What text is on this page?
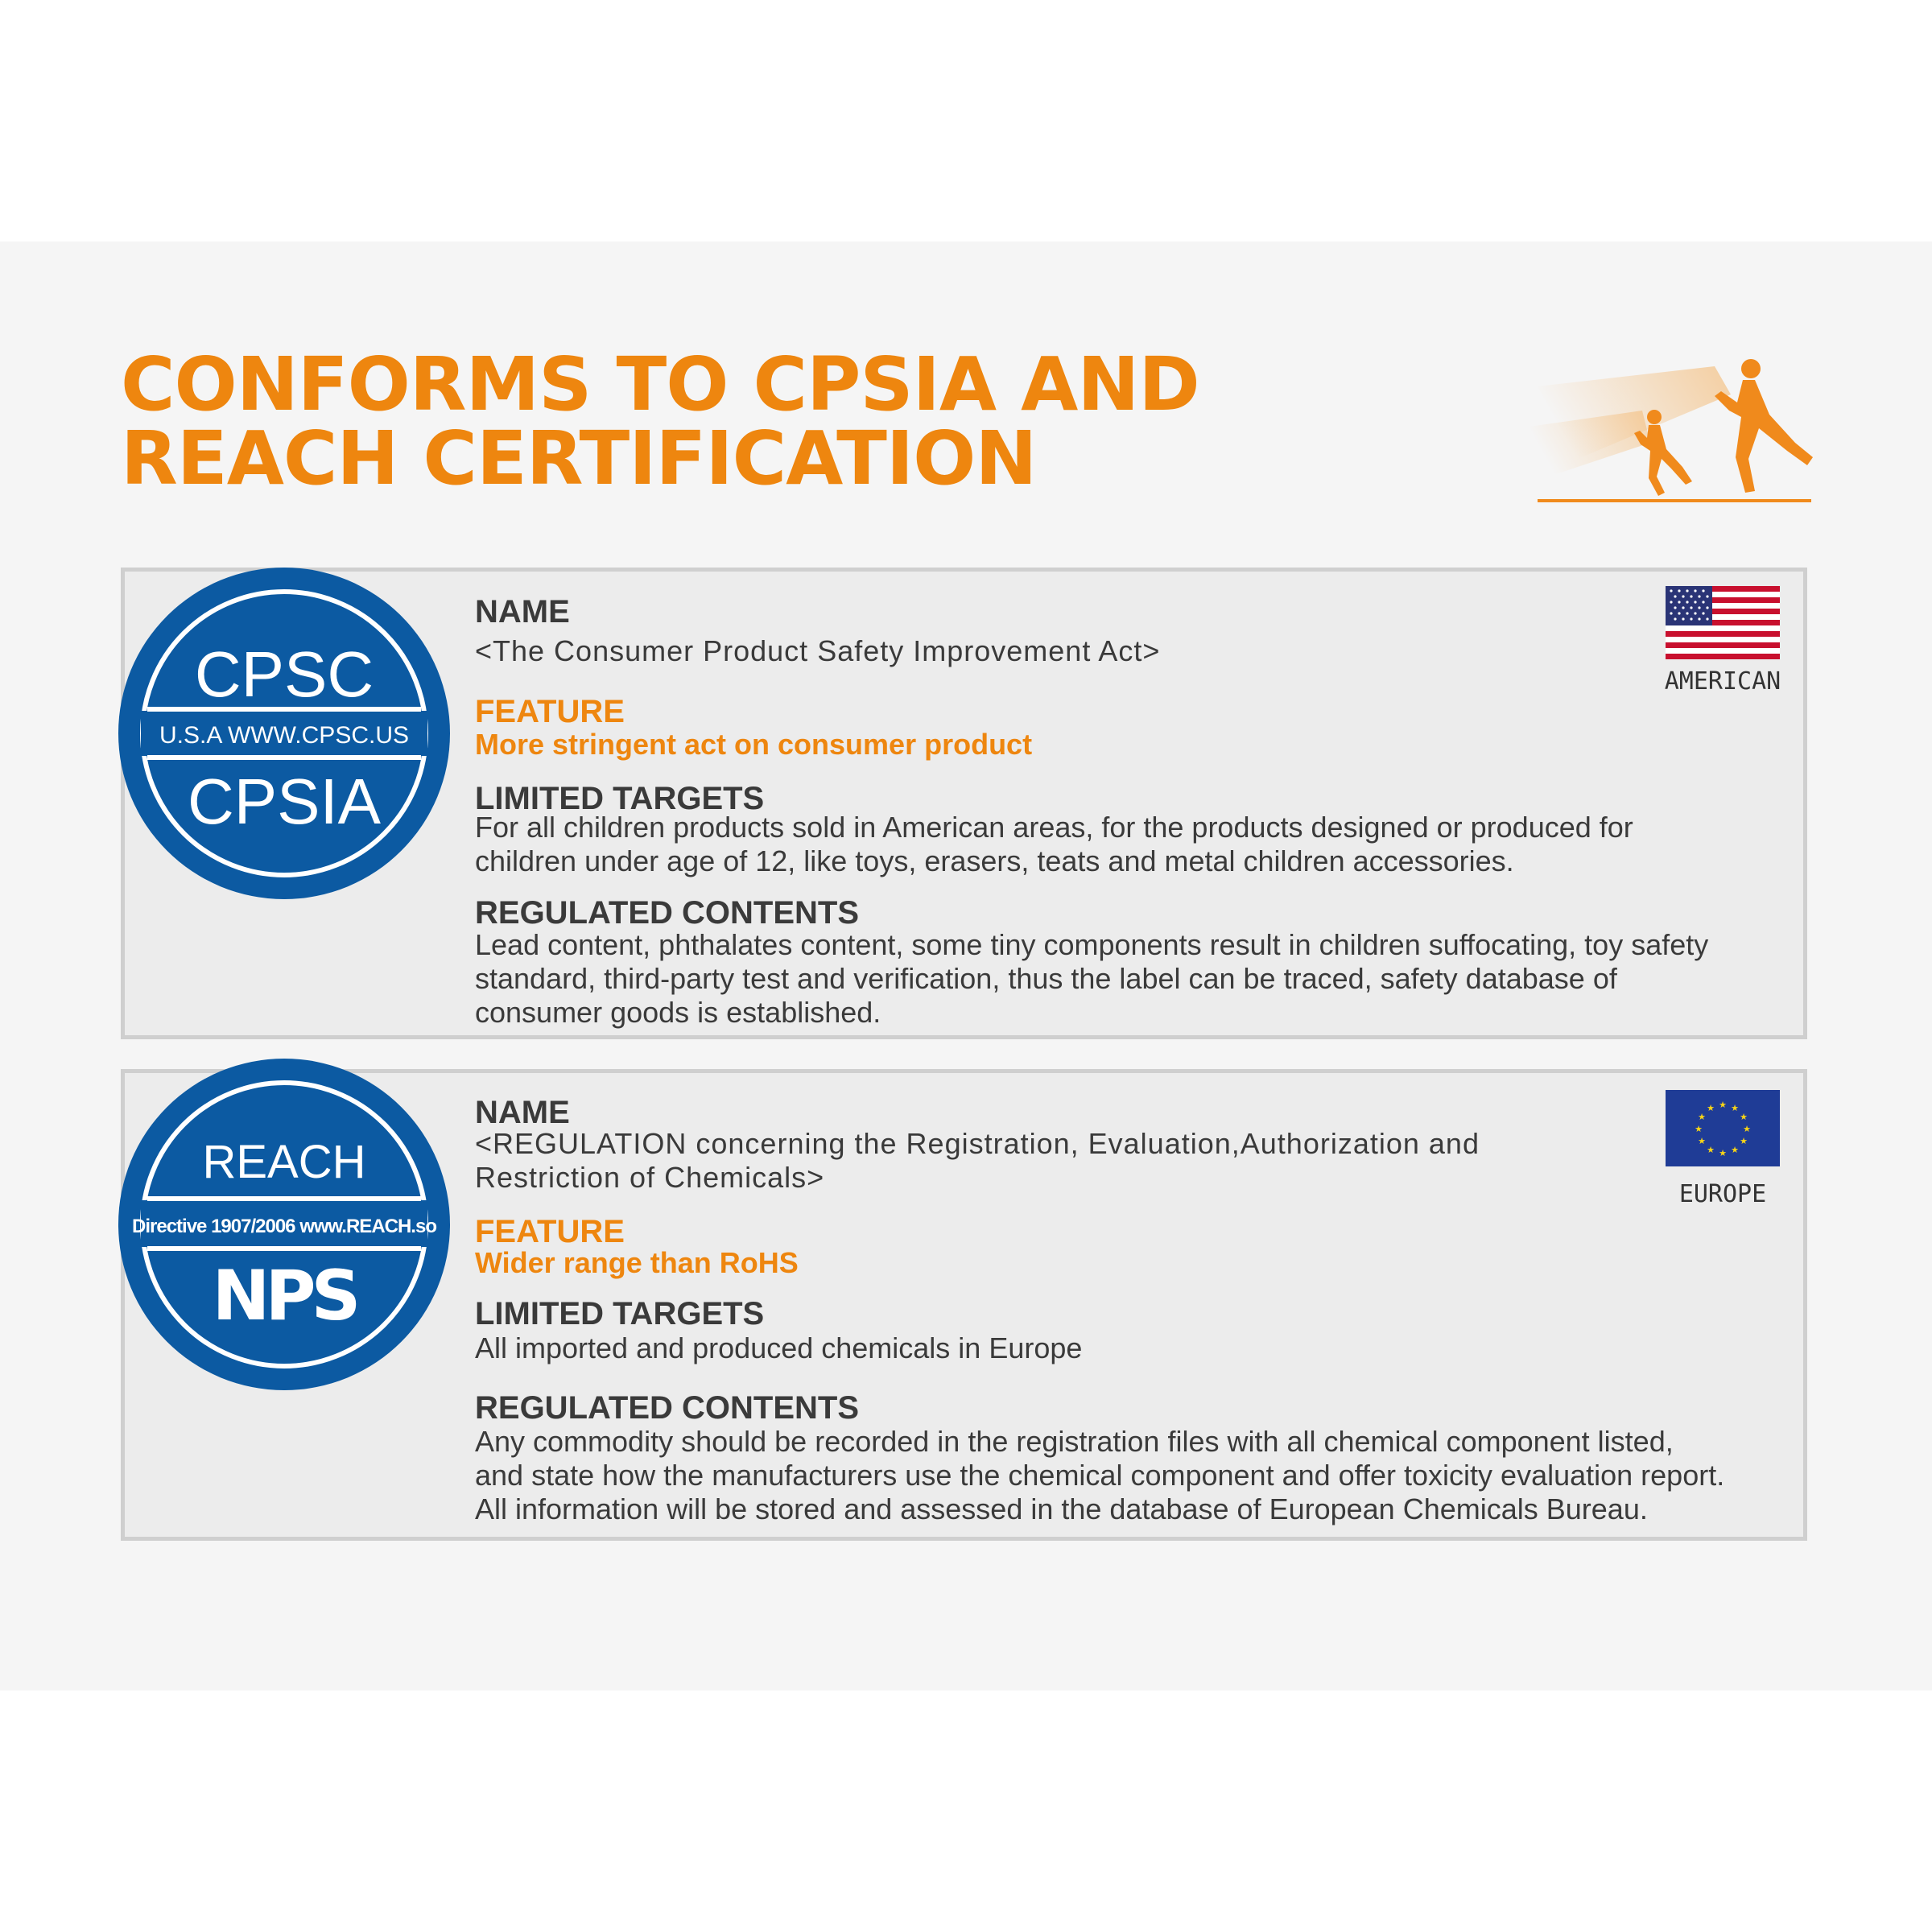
CONFORMS TO CPSIA AND
REACH CERTIFICATION
CPSC
U.S.A WWW.CPSC.US
CPSIA
NAME
<The Consumer Product Safety Improvement Act>
FEATURE
More stringent act on consumer product
LIMITED TARGETS
For all children products sold in American areas, for the products designed or produced for
children under age of 12, like toys, erasers, teats and metal children accessories.
REGULATED CONTENTS
Lead content, phthalates content, some tiny components result in children suffocating, toy safety
standard, third-party test and verification, thus the label can be traced, safety database of
consumer goods is established.
AMERICAN
REACH
Directive 1907/2006 www.REACH.so
NPS
NAME
<REGULATION concerning the Registration, Evaluation,Authorization and
Restriction of Chemicals>
FEATURE
Wider range than RoHS
LIMITED TARGETS
All imported and produced chemicals in Europe
REGULATED CONTENTS
Any commodity should be recorded in the registration files with all chemical component listed,
and state how the manufacturers use the chemical component and offer toxicity evaluation report.
All information will be stored and assessed in the database of European Chemicals Bureau.
★ ★
★
★
★
★
★
★
★
★
★
★
EUROPE
